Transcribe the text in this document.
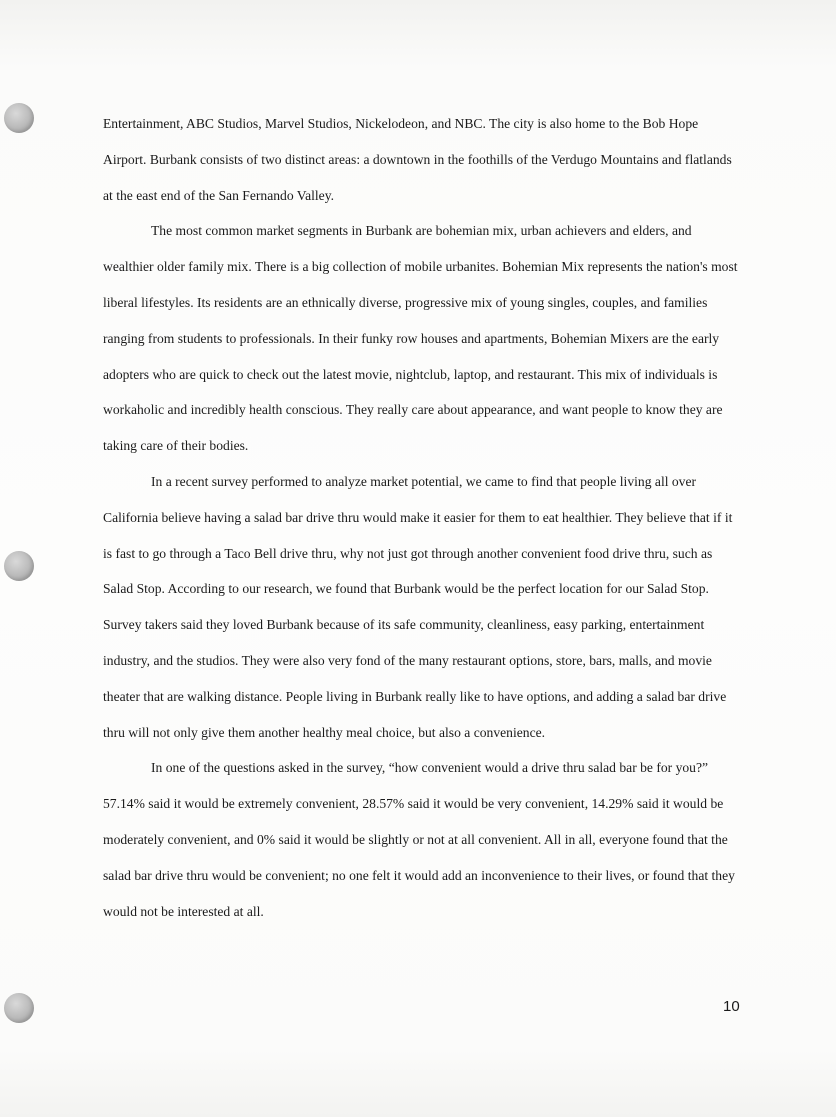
Entertainment, ABC Studios, Marvel Studios, Nickelodeon, and NBC. The city is also home to the Bob Hope Airport. Burbank consists of two distinct areas: a downtown in the foothills of the Verdugo Mountains and flatlands at the east end of the San Fernando Valley.

The most common market segments in Burbank are bohemian mix, urban achievers and elders, and wealthier older family mix. There is a big collection of mobile urbanites. Bohemian Mix represents the nation's most liberal lifestyles. Its residents are an ethnically diverse, progressive mix of young singles, couples, and families ranging from students to professionals. In their funky row houses and apartments, Bohemian Mixers are the early adopters who are quick to check out the latest movie, nightclub, laptop, and restaurant. This mix of individuals is workaholic and incredibly health conscious. They really care about appearance, and want people to know they are taking care of their bodies.

In a recent survey performed to analyze market potential, we came to find that people living all over California believe having a salad bar drive thru would make it easier for them to eat healthier. They believe that if it is fast to go through a Taco Bell drive thru, why not just got through another convenient food drive thru, such as Salad Stop. According to our research, we found that Burbank would be the perfect location for our Salad Stop. Survey takers said they loved Burbank because of its safe community, cleanliness, easy parking, entertainment industry, and the studios. They were also very fond of the many restaurant options, store, bars, malls, and movie theater that are walking distance. People living in Burbank really like to have options, and adding a salad bar drive thru will not only give them another healthy meal choice, but also a convenience.

In one of the questions asked in the survey, “how convenient would a drive thru salad bar be for you?” 57.14% said it would be extremely convenient, 28.57% said it would be very convenient, 14.29% said it would be moderately convenient, and 0% said it would be slightly or not at all convenient. All in all, everyone found that the salad bar drive thru would be convenient; no one felt it would add an inconvenience to their lives, or found that they would not be interested at all.

10
